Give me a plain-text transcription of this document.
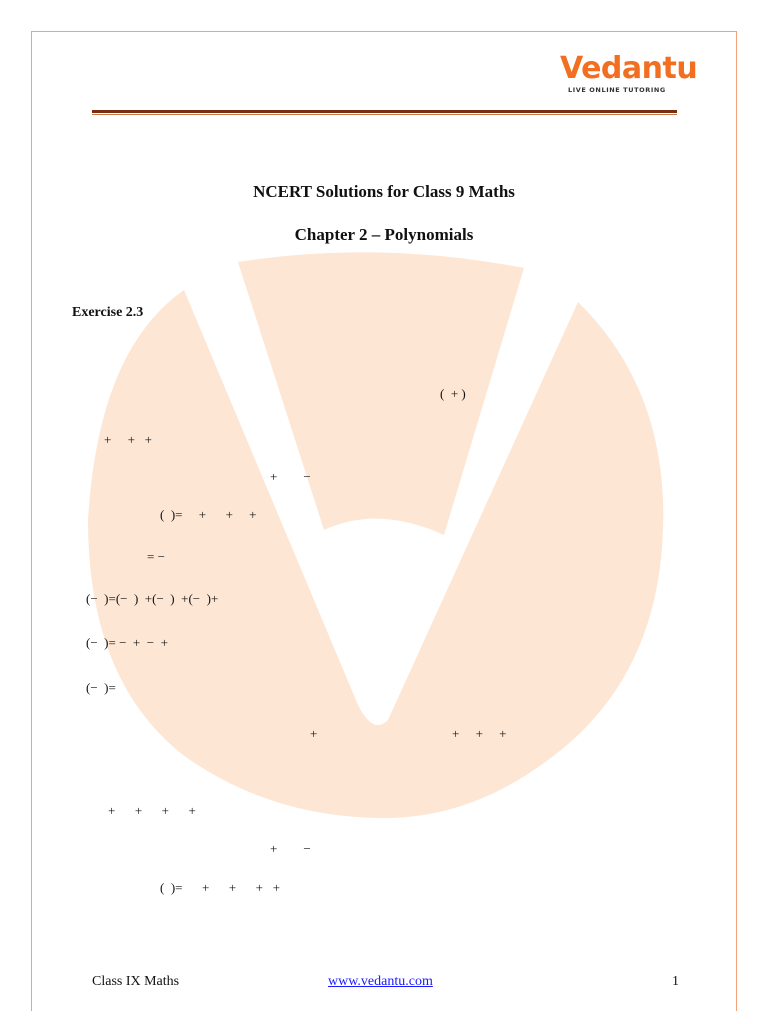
Vedantu
LIVE ONLINE TUTORING
NCERT Solutions for Class 9 Maths
Chapter 2 – Polynomials
Exercise 2.3
(  + )
+     +   +
+        −
(  )=     +      +     +
= −
(−  )=(−  )  +(−  )  +(−  )+
(−  )= −  +  −  +
(−  )=
+	+     +     +
+      +      +      +
+        −
(  )=      +      +      +   +
Class IX Maths	www.vedantu.com	1
